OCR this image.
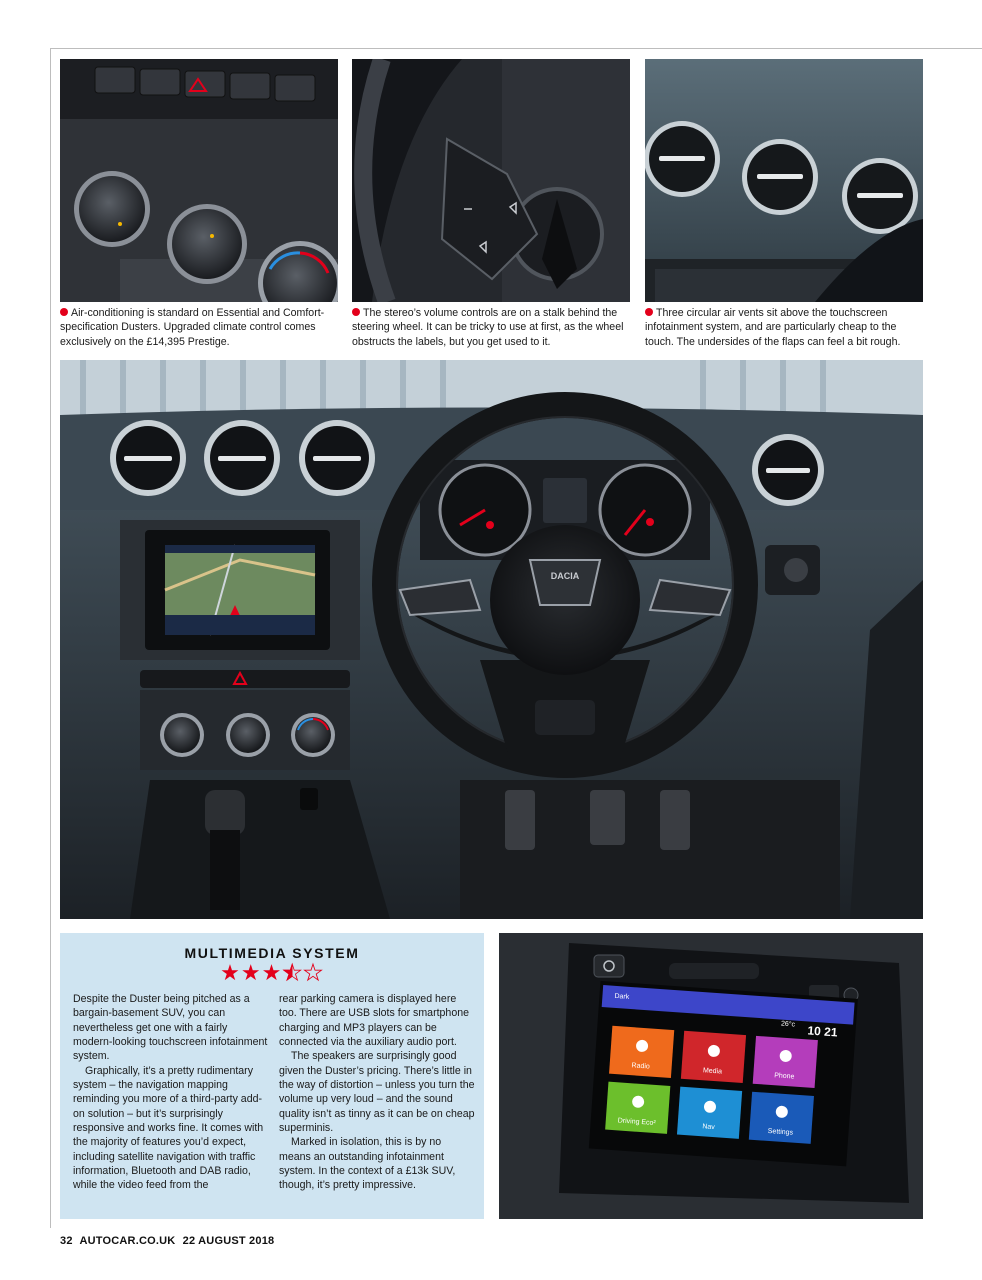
Air-conditioning is standard on Essential and Comfort-specification Dusters. Upgraded climate control comes exclusively on the £14,395 Prestige.
The stereo’s volume controls are on a stalk behind the steering wheel. It can be tricky to use at first, as the wheel obstructs the labels, but you get used to it.
Three circular air vents sit above the touchscreen infotainment system, and are particularly cheap to the touch. The undersides of the flaps can feel a bit rough.
DACIA
MULTIMEDIA SYSTEM
★★★★★

Despite the Duster being pitched as a bargain-basement SUV, you can nevertheless get one with a fairly modern-looking touchscreen infotainment system.

Graphically, it’s a pretty rudimentary system – the navigation mapping reminding you more of a third-party add-on solution – but it’s surprisingly responsive and works fine. It comes with the majority of features you’d expect, including satellite navigation with traffic information, Bluetooth and DAB radio, while the video feed from the

rear parking camera is displayed here too. There are USB slots for smartphone charging and MP3 players can be connected via the auxiliary audio port.

The speakers are surprisingly good given the Duster’s pricing. There’s little in the way of distortion – unless you turn the volume up very loud – and the sound quality isn’t as tinny as it can be on cheap superminis.

Marked in isolation, this is by no means an outstanding infotainment system. In the context of a £13k SUV, though, it’s pretty impressive.

Dark
26°c 10 21
Radio
Media
Phone
Driving Eco²
Nav
Settings
32 AUTOCAR.CO.UK 22 AUGUST 2018
